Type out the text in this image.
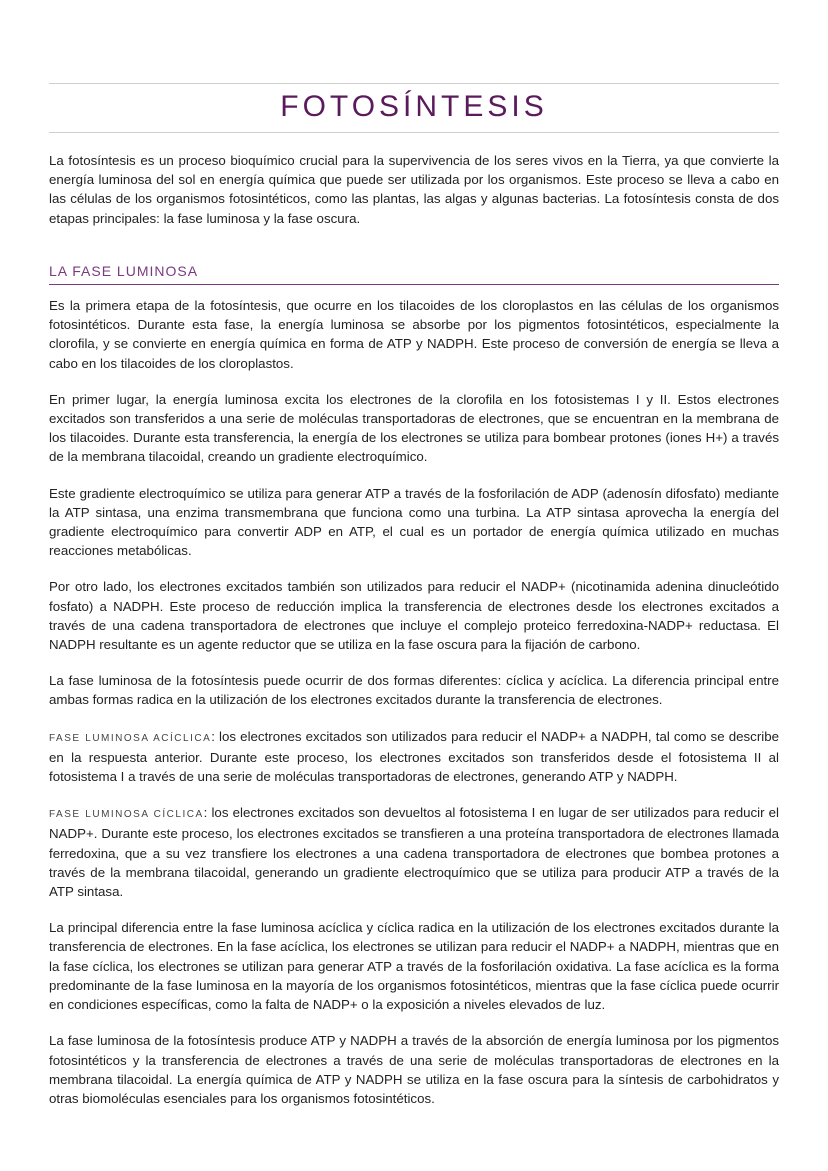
FOTOSÍNTESIS

La fotosíntesis es un proceso bioquímico crucial para la supervivencia de los seres vivos en la Tierra, ya que convierte la energía luminosa del sol en energía química que puede ser utilizada por los organismos. Este proceso se lleva a cabo en las células de los organismos fotosintéticos, como las plantas, las algas y algunas bacterias. La fotosíntesis consta de dos etapas principales: la fase luminosa y la fase oscura.

LA FASE LUMINOSA

Es la primera etapa de la fotosíntesis, que ocurre en los tilacoides de los cloroplastos en las células de los organismos fotosintéticos. Durante esta fase, la energía luminosa se absorbe por los pigmentos fotosintéticos, especialmente la clorofila, y se convierte en energía química en forma de ATP y NADPH. Este proceso de conversión de energía se lleva a cabo en los tilacoides de los cloroplastos.

En primer lugar, la energía luminosa excita los electrones de la clorofila en los fotosistemas I y II. Estos electrones excitados son transferidos a una serie de moléculas transportadoras de electrones, que se encuentran en la membrana de los tilacoides. Durante esta transferencia, la energía de los electrones se utiliza para bombear protones (iones H+) a través de la membrana tilacoidal, creando un gradiente electroquímico.

Este gradiente electroquímico se utiliza para generar ATP a través de la fosforilación de ADP (adenosín difosfato) mediante la ATP sintasa, una enzima transmembrana que funciona como una turbina. La ATP sintasa aprovecha la energía del gradiente electroquímico para convertir ADP en ATP, el cual es un portador de energía química utilizado en muchas reacciones metabólicas.

Por otro lado, los electrones excitados también son utilizados para reducir el NADP+ (nicotinamida adenina dinucleótido fosfato) a NADPH. Este proceso de reducción implica la transferencia de electrones desde los electrones excitados a través de una cadena transportadora de electrones que incluye el complejo proteico ferredoxina-NADP+ reductasa. El NADPH resultante es un agente reductor que se utiliza en la fase oscura para la fijación de carbono.

La fase luminosa de la fotosíntesis puede ocurrir de dos formas diferentes: cíclica y acíclica. La diferencia principal entre ambas formas radica en la utilización de los electrones excitados durante la transferencia de electrones.

FASE LUMINOSA ACÍCLICA: los electrones excitados son utilizados para reducir el NADP+ a NADPH, tal como se describe en la respuesta anterior. Durante este proceso, los electrones excitados son transferidos desde el fotosistema II al fotosistema I a través de una serie de moléculas transportadoras de electrones, generando ATP y NADPH.

FASE LUMINOSA CÍCLICA: los electrones excitados son devueltos al fotosistema I en lugar de ser utilizados para reducir el NADP+. Durante este proceso, los electrones excitados se transfieren a una proteína transportadora de electrones llamada ferredoxina, que a su vez transfiere los electrones a una cadena transportadora de electrones que bombea protones a través de la membrana tilacoidal, generando un gradiente electroquímico que se utiliza para producir ATP a través de la ATP sintasa.

La principal diferencia entre la fase luminosa acíclica y cíclica radica en la utilización de los electrones excitados durante la transferencia de electrones. En la fase acíclica, los electrones se utilizan para reducir el NADP+ a NADPH, mientras que en la fase cíclica, los electrones se utilizan para generar ATP a través de la fosforilación oxidativa. La fase acíclica es la forma predominante de la fase luminosa en la mayoría de los organismos fotosintéticos, mientras que la fase cíclica puede ocurrir en condiciones específicas, como la falta de NADP+ o la exposición a niveles elevados de luz.

La fase luminosa de la fotosíntesis produce ATP y NADPH a través de la absorción de energía luminosa por los pigmentos fotosintéticos y la transferencia de electrones a través de una serie de moléculas transportadoras de electrones en la membrana tilacoidal. La energía química de ATP y NADPH se utiliza en la fase oscura para la síntesis de carbohidratos y otras biomoléculas esenciales para los organismos fotosintéticos.
